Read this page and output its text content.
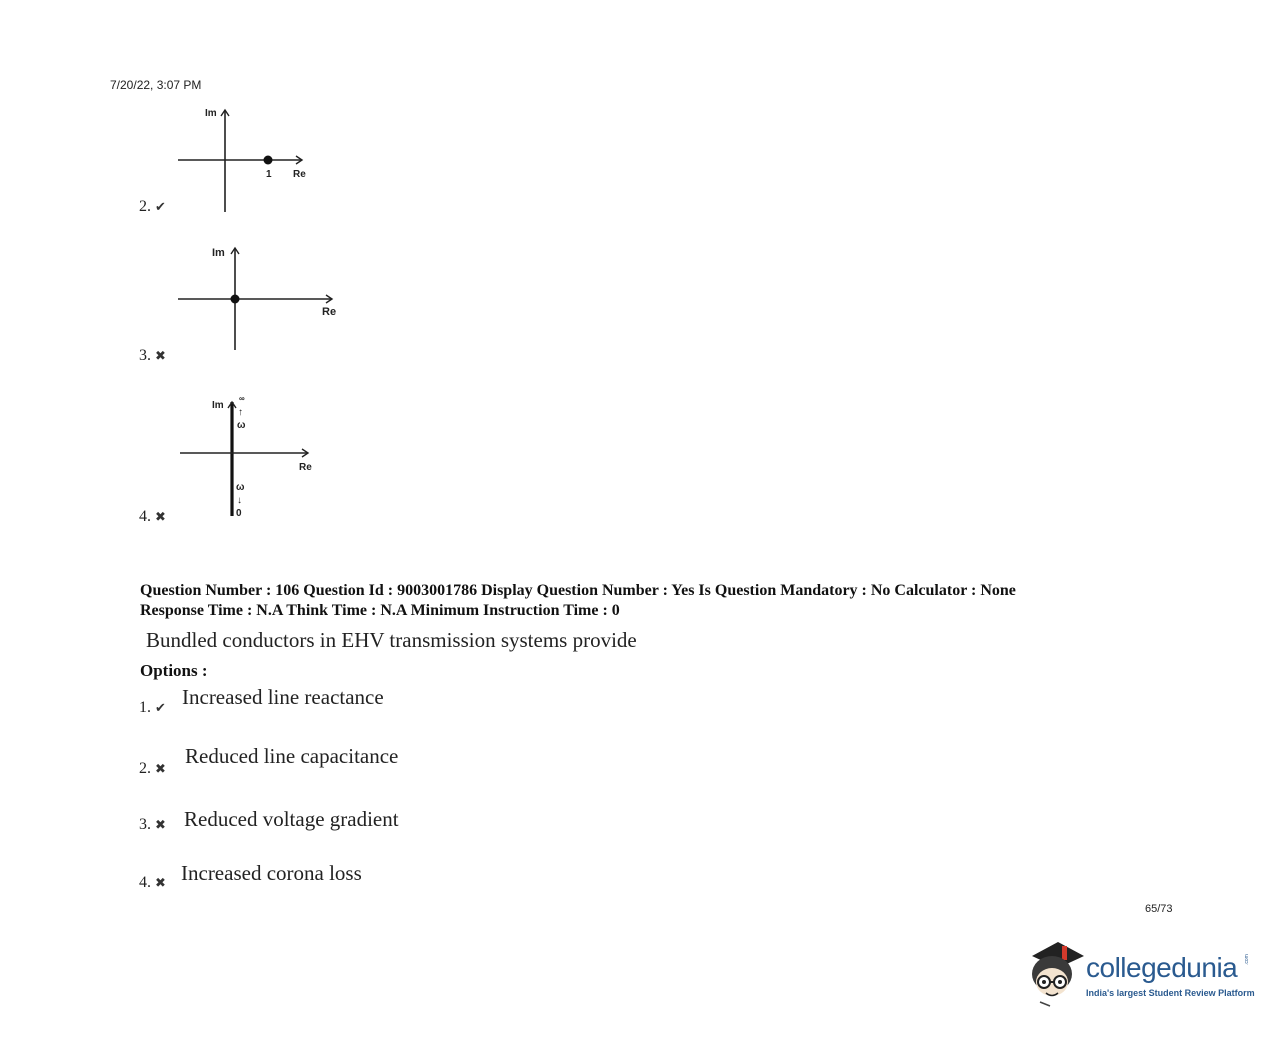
7/20/22, 3:07 PM
Im
1 Re
2. ✔
Im
Re
3. ✖
Im
∞
↑
ω
Re
ω
↓
0
4. ✖
Question Number : 106 Question Id : 9003001786 Display Question Number : Yes Is Question Mandatory : No Calculator : None
Response Time : N.A Think Time : N.A Minimum Instruction Time : 0
Bundled conductors in EHV transmission systems provide
Options :
1. ✔ Increased line reactance
2. ✖
Reduced line capacitance
3. ✖ Reduced voltage gradient
4. ✖ Increased corona loss
65/73
collegedunia .com
India's largest Student Review Platform
